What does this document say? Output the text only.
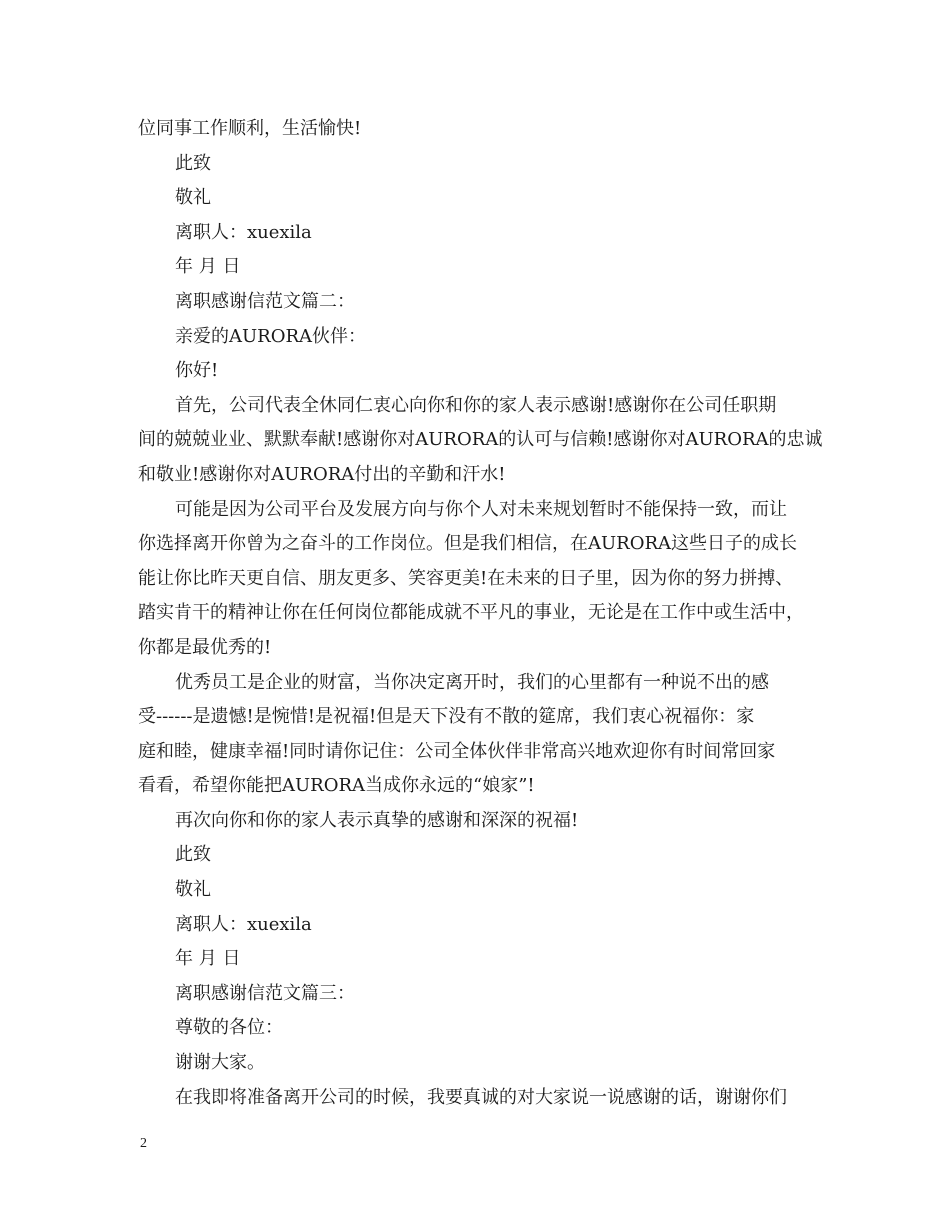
位同事工作顺利，生活愉快!
此致
敬礼
离职人：xuexila
年 月 日
离职感谢信范文篇二：
亲爱的AURORA伙伴：
你好!
首先，公司代表全休同仁衷心向你和你的家人表示感谢!感谢你在公司任职期
间的兢兢业业、默默奉献!感谢你对AURORA的认可与信赖!感谢你对AURORA的忠诚
和敬业!感谢你对AURORA付出的辛勤和汗水!
可能是因为公司平台及发展方向与你个人对未来规划暂时不能保持一致，而让
你选择离开你曾为之奋斗的工作岗位。但是我们相信，在AURORA这些日子的成长
能让你比昨天更自信、朋友更多、笑容更美!在未来的日子里，因为你的努力拼搏、
踏实肯干的精神让你在任何岗位都能成就不平凡的事业，无论是在工作中或生活中，
你都是最优秀的!
优秀员工是企业的财富，当你决定离开时，我们的心里都有一种说不出的感
受------是遗憾!是惋惜!是祝福!但是天下没有不散的筵席，我们衷心祝福你：家
庭和睦，健康幸福!同时请你记住：公司全体伙伴非常高兴地欢迎你有时间常回家
看看，希望你能把AURORA当成你永远的“娘家”!
再次向你和你的家人表示真挚的感谢和深深的祝福!
此致
敬礼
离职人：xuexila
年 月 日
离职感谢信范文篇三：
尊敬的各位：
谢谢大家。
在我即将准备离开公司的时候，我要真诚的对大家说一说感谢的话，谢谢你们
2
